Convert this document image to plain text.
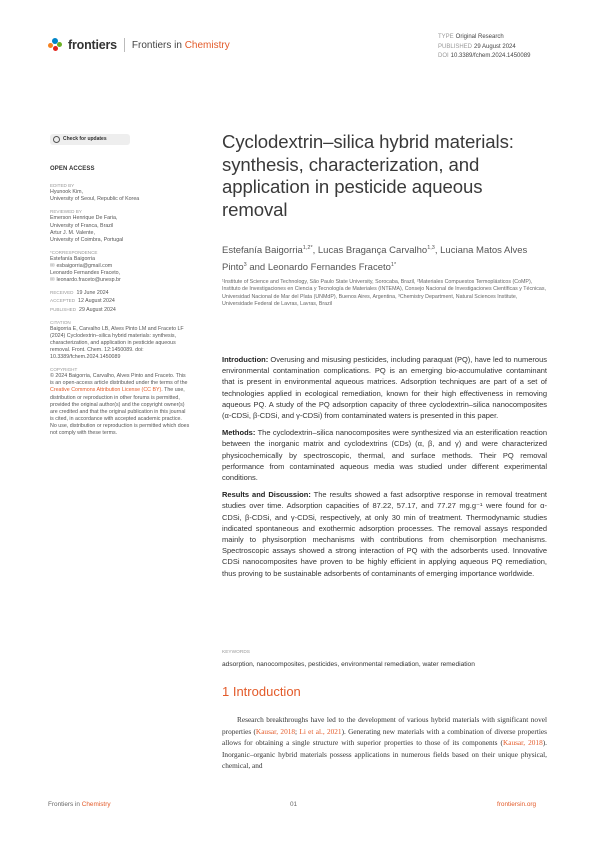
frontiers Frontiers in Chemistry
TYPE Original Research
PUBLISHED 29 August 2024
DOI 10.3389/fchem.2024.1450089
Check for updates
OPEN ACCESS
EDITED BY
Hyunook Kim,
University of Seoul, Republic of Korea
REVIEWED BY
Emerson Henrique De Faria,
University of Franca, Brazil
Artur J. M. Valente,
University of Coimbra, Portugal
*CORRESPONDENCE
Estefanía Baigorria
✉ esbaigorria@gmail.com
Leonardo Fernandes Fraceto,
✉ leonardo.fraceto@unesp.br
RECEIVED 19 June 2024
ACCEPTED 12 August 2024
PUBLISHED 29 August 2024
CITATION
Baigorria E, Carvalho LB, Alves Pinto LM and Fraceto LF (2024) Cyclodextrin–silica hybrid materials: synthesis, characterization, and application in pesticide aqueous removal. Front. Chem. 12:1450089. doi: 10.3389/fchem.2024.1450089
COPYRIGHT
© 2024 Baigorria, Carvalho, Alves Pinto and Fraceto. This is an open-access article distributed under the terms of the Creative Commons Attribution License (CC BY). The use, distribution or reproduction in other forums is permitted, provided the original author(s) and the copyright owner(s) are credited and that the original publication in this journal is cited, in accordance with accepted academic practice. No use, distribution or reproduction is permitted which does not comply with these terms.
Cyclodextrin–silica hybrid materials: synthesis, characterization, and application in pesticide aqueous removal
Estefanía Baigorria$^{1,2*}$, Lucas Bragança Carvalho$^{1,3}$, Luciana Matos Alves Pinto$^3$ and Leonardo Fernandes Fraceto$^{1*}$
¹Institute of Science and Technology, São Paulo State University, Sorocaba, Brazil, ²Materiales Compuestos Termoplásticos (CoMP), Instituto de Investigaciones en Ciencia y Tecnología de Materiales (INTEMA), Consejo Nacional de Investigaciones Científicas y Técnicas, Universidad Nacional de Mar del Plata (UNMdP), Buenos Aires, Argentina, ³Chemistry Department, Natural Sciences Institute, Universidade Federal de Lavras, Lavras, Brazil

Introduction: Overusing and misusing pesticides, including paraquat (PQ), have led to numerous environmental contamination complications. PQ is an emerging bio-accumulative contaminant that is present in environmental aqueous matrices. Adsorption techniques are part of a set of technologies applied in ecological remediation, known for their high effectiveness in removing aqueous PQ. A study of the PQ adsorption capacity of three cyclodextrin–silica nanocomposites (α-CDSi, β-CDSi, and γ-CDSi) from contaminated waters is presented in this paper.

Methods: The cyclodextrin–silica nanocomposites were synthesized via an esterification reaction between the inorganic matrix and cyclodextrins (CDs) (α, β, and γ) and were characterized physicochemically by spectroscopic, thermal, and surface methods. Their PQ removal performance from contaminated aqueous media was studied under different experimental conditions.

Results and Discussion: The results showed a fast adsorptive response in removal treatment studies over time. Adsorption capacities of 87.22, 57.17, and 77.27 mg.g⁻¹ were found for α-CDSi, β-CDSi, and γ-CDSi, respectively, at only 30 min of treatment. Thermodynamic studies indicated spontaneous and exothermic adsorption processes. The removal assays responded mainly to physisorption mechanisms with contributions from chemisorption mechanisms. Spectroscopic assays showed a strong interaction of PQ with the adsorbents used. Innovative CDSi nanocomposites have proven to be highly efficient in applying aqueous PQ remediation, thus proving to be sustainable adsorbents of contaminants of emerging importance worldwide.

KEYWORDS
adsorption, nanocomposites, pesticides, environmental remediation, water remediation
1 Introduction
Research breakthroughs have led to the development of various hybrid materials with significant novel properties (Kausar, 2018; Li et al., 2021). Generating new materials with a combination of diverse properties allows for obtaining a single structure with superior properties to those of its components (Kausar, 2018). Inorganic–organic hybrid materials possess applications in numerous fields based on their unique physical, chemical, and
Frontiers in Chemistry	01	frontiersin.org
